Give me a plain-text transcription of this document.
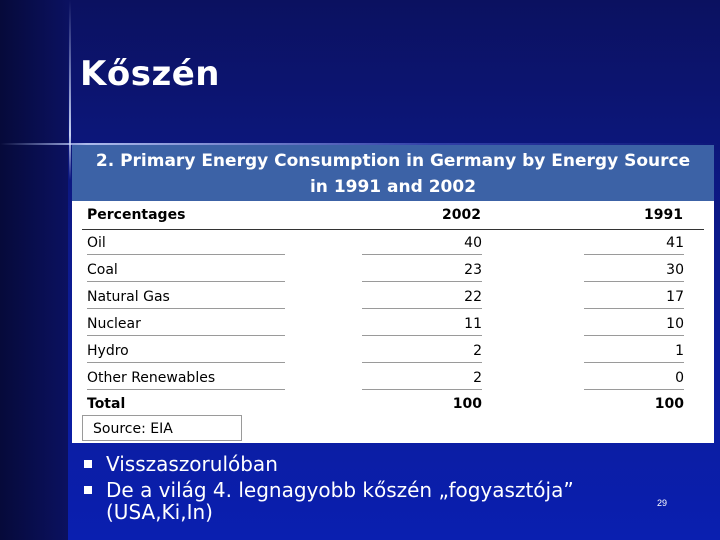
Kőszén
2. Primary Energy Consumption in Germany by Energy Source
in 1991 and 2002
Percentages	2002	1991
Oil	40	41
Coal	23	30
Natural Gas	22	17
Nuclear	11	10
Hydro	2	1
Other Renewables	2	0
Total	100	100
Source: EIA
Visszaszorulóban
De a világ 4. legnagyobb kőszén „fogyasztója”
(USA,Ki,In)	29
